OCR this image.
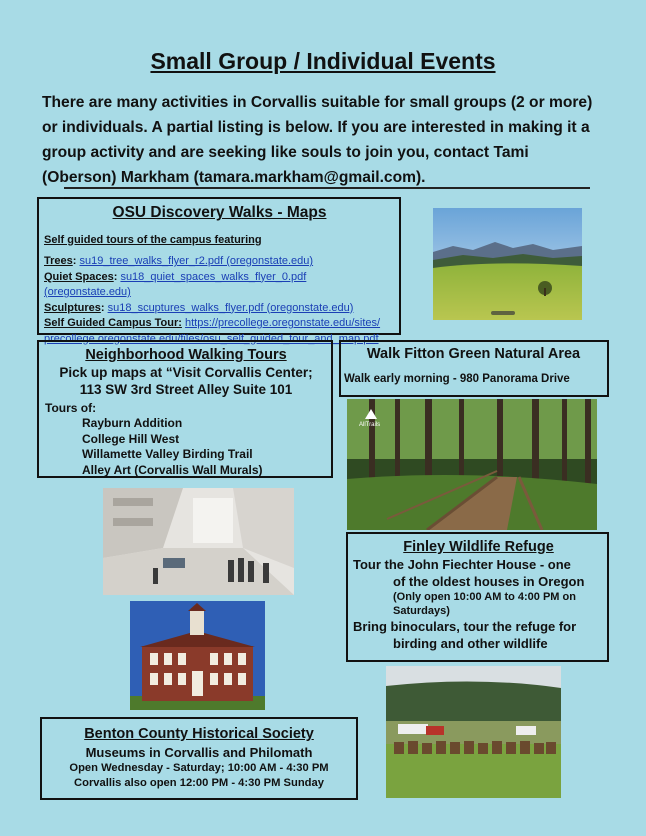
Small Group / Individual Events
There are many activities in Corvallis suitable for small groups (2 or more) or individuals. A partial listing is below. If you are interested in making it a group activity and are seeking like souls to join you, contact Tami (Oberson) Markham (tamara.markham@gmail.com).
OSU Discovery Walks - Maps
Self guided tours of the campus featuring
Trees: su19_tree_walks_flyer_r2.pdf (oregonstate.edu)
Quiet Spaces: su18_quiet_spaces_walks_flyer_0.pdf (oregonstate.edu)
Sculptures: su18_scuptures_walks_flyer.pdf (oregonstate.edu)
Self Guided Campus Tour: https://precollege.oregonstate.edu/sites/
precollege.oregonstate.edu/files/osu_self_guided_tour_and_map.pdf
Neighborhood Walking Tours
Pick up maps at “Visit Corvallis Center;
113 SW 3rd Street Alley Suite 101
Tours of:
Rayburn Addition
College Hill West
Willamette Valley Birding Trail
Alley Art (Corvallis Wall Murals)
Walk Fitton Green Natural Area
Walk early morning - 980 Panorama Drive
AllTrails
Finley Wildlife Refuge
Tour the John Fiechter House - one
of the oldest houses in Oregon
(Only open 10:00 AM to 4:00 PM on
Saturdays)
Bring binoculars, tour the refuge for
birding and other wildlife
Benton County Historical Society
Museums in Corvallis and Philomath
Open Wednesday - Saturday; 10:00 AM - 4:30 PM
Corvallis also open 12:00 PM - 4:30 PM Sunday
